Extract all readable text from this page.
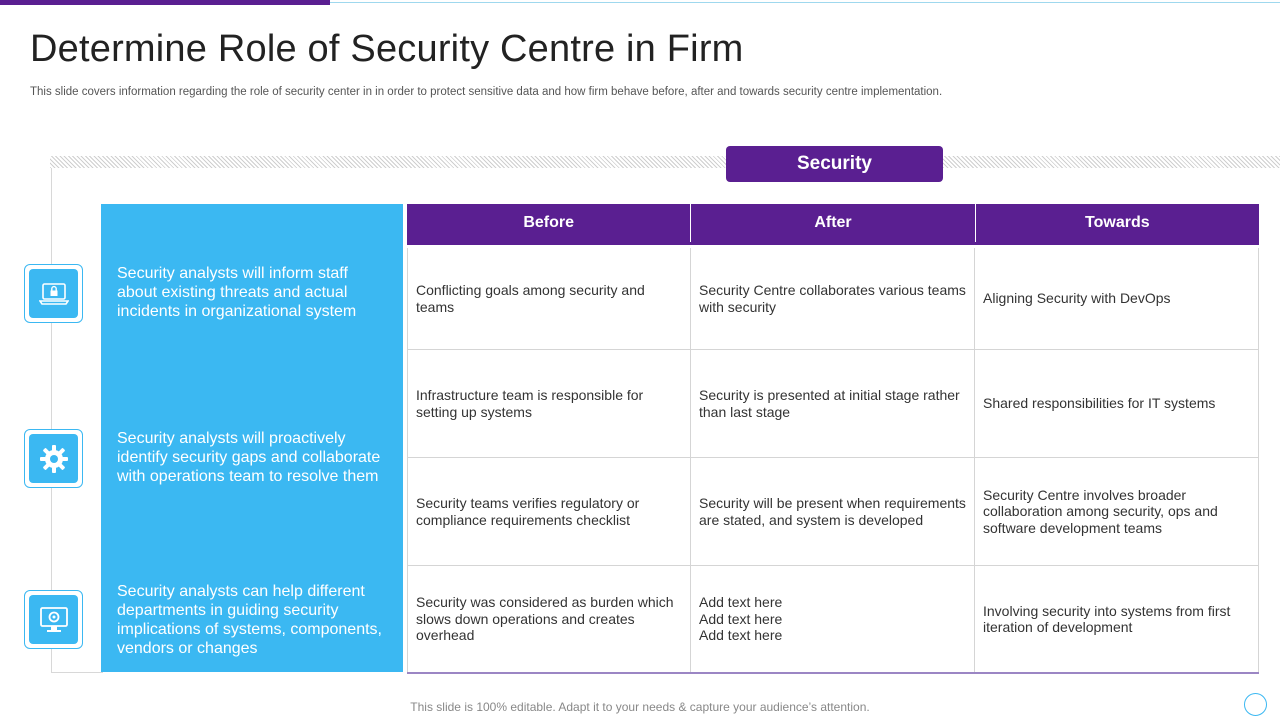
Determine Role of Security Centre in Firm
This slide covers information regarding the role of security center in in order to protect sensitive data and how firm behave before, after and towards security centre implementation.
Security
Security analysts will inform staff about existing threats and actual incidents in organizational system
Security analysts will proactively identify security gaps and collaborate with operations team to resolve them
Security analysts can help different departments in guiding security implications of systems, components, vendors or changes
Before	After	Towards
Conflicting goals among security and teams
Security Centre collaborates various teams with security
Aligning Security with DevOps
Infrastructure team is responsible for setting up systems
Security is presented at initial stage rather than last stage
Shared responsibilities for IT systems
Security teams verifies regulatory or compliance requirements checklist
Security will be present when requirements are stated, and system is developed
Security Centre involves broader collaboration among security, ops and software development teams
Security was considered as burden which slows down operations and creates overhead
Add text here
Add text here
Add text here
Involving security into systems from first iteration of development
This slide is 100% editable. Adapt it to your needs & capture your audience’s attention.
